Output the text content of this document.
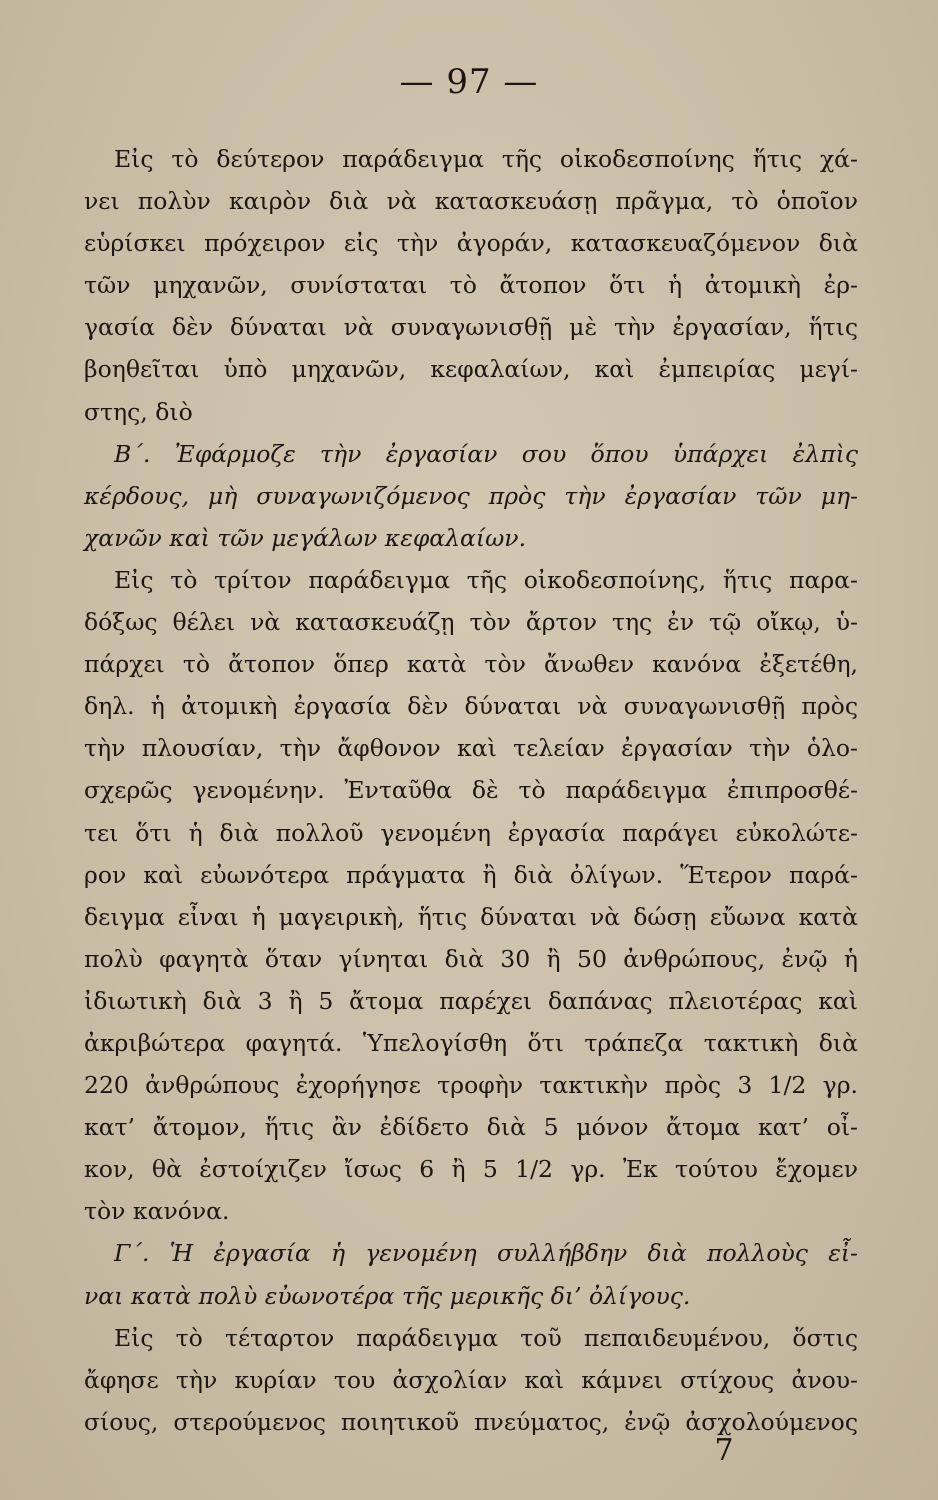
— 97 —
Εἰς τὸ δεύτερον παράδειγμα τῆς οἰκοδεσποίνης ἥτις χά-
νει πολὺν καιρὸν διὰ νὰ κατασκευάσῃ πρᾶγμα, τὸ ὁποῖον
εὑρίσκει πρόχειρον εἰς τὴν ἀγοράν, κατασκευαζόμενον διὰ
τῶν μηχανῶν, συνίσταται τὸ ἄτοπον ὅτι ἡ ἀτομικὴ ἐρ-
γασία δὲν δύναται νὰ συναγωνισθῇ μὲ τὴν ἐργασίαν, ἥτις
βοηθεῖται ὑπὸ μηχανῶν, κεφαλαίων, καὶ ἐμπειρίας μεγί-
στης, διὸ
Β΄. Ἐφάρμοζε τὴν ἐργασίαν σου ὅπου ὑπάρχει ἐλπὶς
κέρδους, μὴ συναγωνιζόμενος πρὸς τὴν ἐργασίαν τῶν μη-
χανῶν καὶ τῶν μεγάλων κεφαλαίων.
Εἰς τὸ τρίτον παράδειγμα τῆς οἰκοδεσποίνης, ἥτις παρα-
δόξως θέλει νὰ κατασκευάζῃ τὸν ἄρτον της ἐν τῷ οἴκῳ, ὑ-
πάρχει τὸ ἄτοπον ὅπερ κατὰ τὸν ἄνωθεν κανόνα ἐξετέθη,
δηλ. ἡ ἀτομικὴ ἐργασία δὲν δύναται νὰ συναγωνισθῇ πρὸς
τὴν πλουσίαν, τὴν ἄφθονον καὶ τελείαν ἐργασίαν τὴν ὁλο-
σχερῶς γενομένην. Ἐνταῦθα δὲ τὸ παράδειγμα ἐπιπροσθέ-
τει ὅτι ἡ διὰ πολλοῦ γενομένη ἐργασία παράγει εὐκολώτε-
ρον καὶ εὐωνότερα πράγματα ἢ διὰ ὀλίγων. Ἕτερον παρά-
δειγμα εἶναι ἡ μαγειρικὴ, ἥτις δύναται νὰ δώσῃ εὔωνα κατὰ
πολὺ φαγητὰ ὅταν γίνηται διὰ 30 ἢ 50 ἀνθρώπους, ἐνῷ ἡ
ἰδιωτικὴ διὰ 3 ἢ 5 ἄτομα παρέχει δαπάνας πλειοτέρας καὶ
ἀκριβώτερα φαγητά. Ὑπελογίσθη ὅτι τράπεζα τακτικὴ διὰ
220 ἀνθρώπους ἐχορήγησε τροφὴν τακτικὴν πρὸς 3 1/2 γρ.
κατ’ ἄτομον, ἥτις ἂν ἐδίδετο διὰ 5 μόνον ἄτομα κατ’ οἶ-
κον, θὰ ἐστοίχιζεν ἴσως 6 ἢ 5 1/2 γρ. Ἐκ τούτου ἔχομεν
τὸν κανόνα.
Γ΄. Ἡ ἐργασία ἡ γενομένη συλλήβδην διὰ πολλοὺς εἶ-
ναι κατὰ πολὺ εὐωνοτέρα τῆς μερικῆς δι’ ὀλίγους.
Εἰς τὸ τέταρτον παράδειγμα τοῦ πεπαιδευμένου, ὅστις
ἄφησε τὴν κυρίαν του ἀσχολίαν καὶ κάμνει στίχους ἀνου-
σίους, στερούμενος ποιητικοῦ πνεύματος, ἐνῷ ἀσχολούμενος
7
